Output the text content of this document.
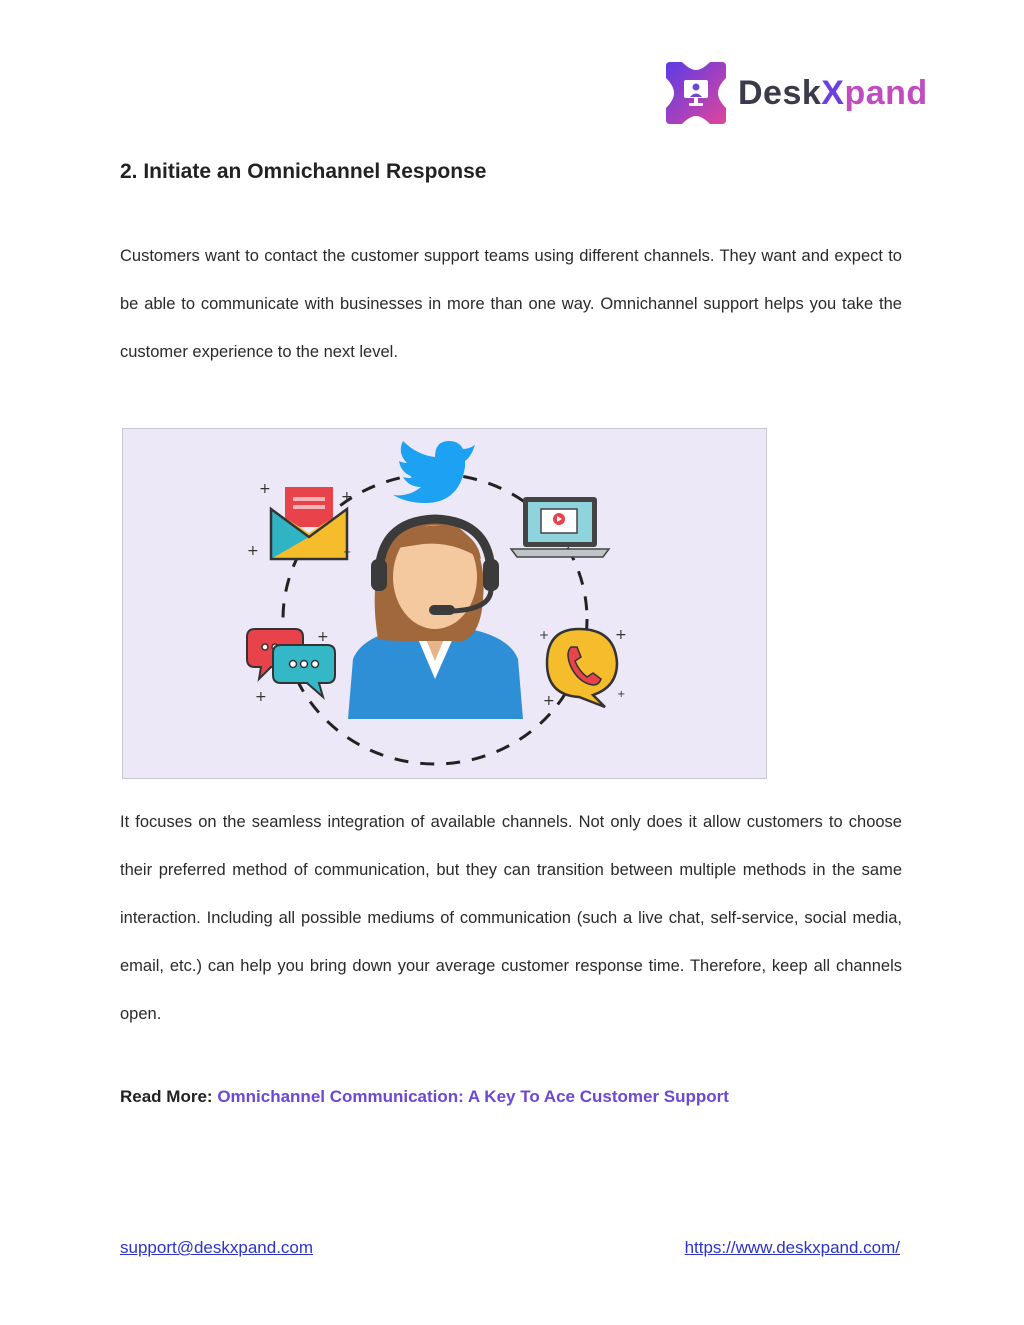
DeskXpand
2. Initiate an Omnichannel Response

Customers want to contact the customer support teams using different channels. They want and expect to be able to communicate with businesses in more than one way. Omnichannel support helps you take the customer experience to the next level.

+	+
+	+
+
+
+
+
+	+

It focuses on the seamless integration of available channels. Not only does it allow customers to choose their preferred method of communication, but they can transition between multiple methods in the same interaction. Including all possible mediums of communication (such a live chat, self-service, social media, email, etc.) can help you bring down your average customer response time. Therefore, keep all channels open.

Read More: Omnichannel Communication: A Key To Ace Customer Support

support@deskxpand.com	https://www.deskxpand.com/
